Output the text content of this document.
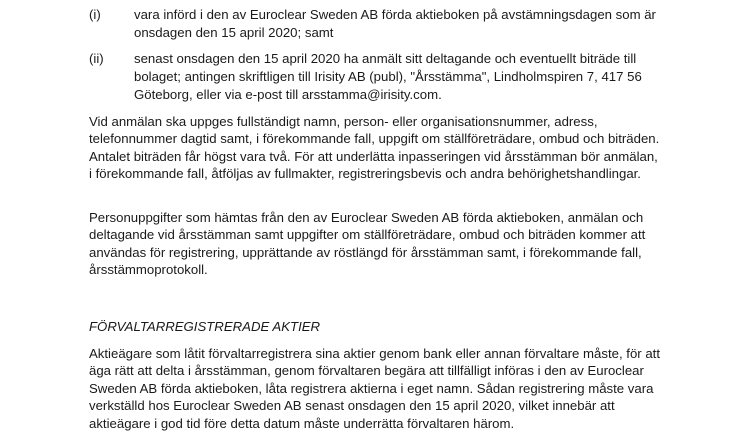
(i)	vara införd i den av Euroclear Sweden AB förda aktieboken på avstämningsdagen som är onsdagen den 15 april 2020; samt
(ii) senast onsdagen den 15 april 2020 ha anmält sitt deltagande och eventuellt biträde till bolaget; antingen skriftligen till Irisity AB (publ), "Årsstämma", Lindholmspiren 7, 417 56 Göteborg, eller via e-post till arsstamma@irisity.com.

Vid anmälan ska uppges fullständigt namn, person- eller organisationsnummer, adress, telefonnummer dagtid samt, i förekommande fall, uppgift om ställföreträdare, ombud och biträden. Antalet biträden får högst vara två. För att underlätta inpasseringen vid årsstämman bör anmälan, i förekommande fall, åtföljas av fullmakter, registreringsbevis och andra behörighetshandlingar.

Personuppgifter som hämtas från den av Euroclear Sweden AB förda aktieboken, anmälan och deltagande vid årsstämman samt uppgifter om ställföreträdare, ombud och biträden kommer att användas för registrering, upprättande av röstlängd för årsstämman samt, i förekommande fall, årsstämmoprotokoll.

FÖRVALTARREGISTRERADE AKTIER

Aktieägare som låtit förvaltarregistrera sina aktier genom bank eller annan förvaltare måste, för att äga rätt att delta i årsstämman, genom förvaltaren begära att tillfälligt införas i den av Euroclear Sweden AB förda aktieboken, låta registrera aktierna i eget namn. Sådan registrering måste vara verkställd hos Euroclear Sweden AB senast onsdagen den 15 april 2020, vilket innebär att aktieägare i god tid före detta datum måste underrätta förvaltaren härom.
